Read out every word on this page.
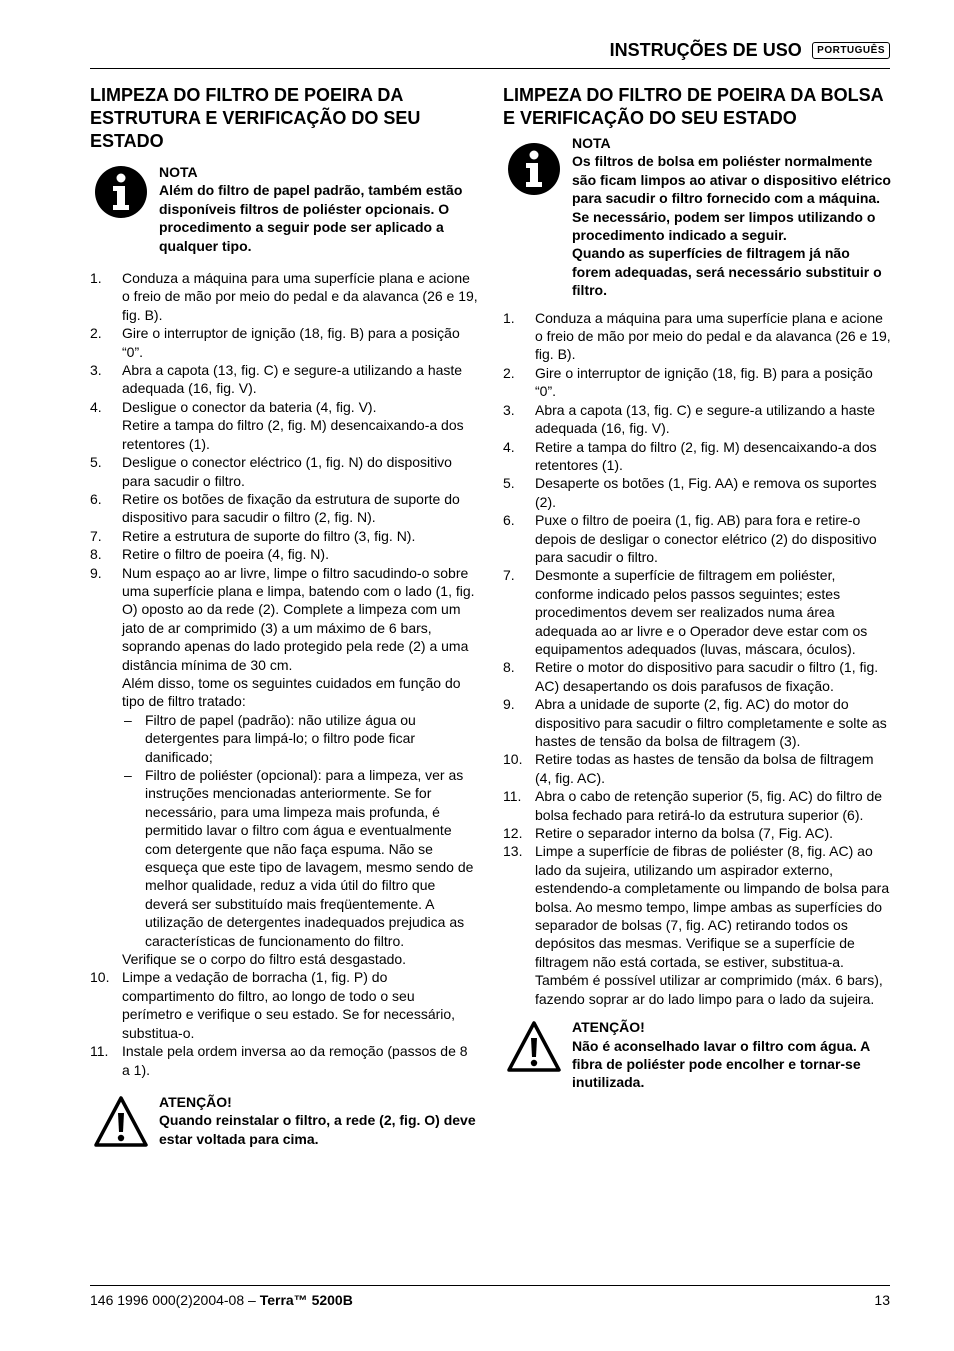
INSTRUÇÕES DE USO PORTUGUÊS
LIMPEZA DO FILTRO DE POEIRA DA ESTRUTURA E VERIFICAÇÃO DO SEU ESTADO
NOTA
Além do filtro de papel padrão, também estão disponíveis filtros de poliéster opcionais. O procedimento a seguir pode ser aplicado a qualquer tipo.
1. Conduza a máquina para uma superfície plana e acione o freio de mão por meio do pedal e da alavanca (26 e 19, fig. B).
2. Gire o interruptor de ignição (18, fig. B) para a posição “0”.
3. Abra a capota (13, fig. C) e segure-a utilizando a haste adequada (16, fig. V).
4. Desligue o conector da bateria (4, fig. V).
Retire a tampa do filtro (2, fig. M) desencaixando-a dos retentores (1).
5. Desligue o conector eléctrico (1, fig. N) do dispositivo para sacudir o filtro.
6. Retire os botões de fixação da estrutura de suporte do dispositivo para sacudir o filtro (2, fig. N).
7. Retire a estrutura de suporte do filtro (3, fig. N).
8. Retire o filtro de poeira (4, fig. N).
9. Num espaço ao ar livre, limpe o filtro sacudindo-o sobre uma superfície plana e limpa, batendo com o lado (1, fig. O) oposto ao da rede (2). Complete a limpeza com um jato de ar comprimido (3) a um máximo de 6 bars, soprando apenas do lado protegido pela rede (2) a uma distância mínima de 30 cm.
Além disso, tome os seguintes cuidados em função do tipo de filtro tratado:
– Filtro de papel (padrão): não utilize água ou detergentes para limpá-lo; o filtro pode ficar danificado;
– Filtro de poliéster (opcional): para a limpeza, ver as instruções mencionadas anteriormente. Se for necessário, para uma limpeza mais profunda, é permitido lavar o filtro com água e eventualmente com detergente que não faça espuma. Não se esqueça que este tipo de lavagem, mesmo sendo de melhor qualidade, reduz a vida útil do filtro que deverá ser substituído mais freqüentemente. A utilização de detergentes inadequados prejudica as características de funcionamento do filtro.
Verifique se o corpo do filtro está desgastado.
10. Limpe a vedação de borracha (1, fig. P) do compartimento do filtro, ao longo de todo o seu perímetro e verifique o seu estado. Se for necessário, substitua-o.
11. Instale pela ordem inversa ao da remoção (passos de 8 a 1).
ATENÇÃO!
Quando reinstalar o filtro, a rede (2, fig. O) deve estar voltada para cima.
LIMPEZA DO FILTRO DE POEIRA DA BOLSA E VERIFICAÇÃO DO SEU ESTADO
NOTA
Os filtros de bolsa em poliéster normalmente são ficam limpos ao ativar o dispositivo elétrico para sacudir o filtro fornecido com a máquina.
Se necessário, podem ser limpos utilizando o procedimento indicado a seguir.
Quando as superfícies de filtragem já não forem adequadas, será necessário substituir o filtro.
1. Conduza a máquina para uma superfície plana e acione o freio de mão por meio do pedal e da alavanca (26 e 19, fig. B).
2. Gire o interruptor de ignição (18, fig. B) para a posição “0”.
3. Abra a capota (13, fig. C) e segure-a utilizando a haste adequada (16, fig. V).
4. Retire a tampa do filtro (2, fig. M) desencaixando-a dos retentores (1).
5. Desaperte os botões (1, Fig. AA) e remova os suportes (2).
6. Puxe o filtro de poeira (1, fig. AB) para fora e retire-o depois de desligar o conector elétrico (2) do dispositivo para sacudir o filtro.
7. Desmonte a superfície de filtragem em poliéster, conforme indicado pelos passos seguintes; estes procedimentos devem ser realizados numa área adequada ao ar livre e o Operador deve estar com os equipamentos adequados (luvas, máscara, óculos).
8. Retire o motor do dispositivo para sacudir o filtro (1, fig. AC) desapertando os dois parafusos de fixação.
9. Abra a unidade de suporte (2, fig. AC) do motor do dispositivo para sacudir o filtro completamente e solte as hastes de tensão da bolsa de filtragem (3).
10. Retire todas as hastes de tensão da bolsa de filtragem (4, fig. AC).
11. Abra o cabo de retenção superior (5, fig. AC) do filtro de bolsa fechado para retirá-lo da estrutura superior (6).
12. Retire o separador interno da bolsa (7, Fig. AC).
13. Limpe a superfície de fibras de poliéster (8, fig. AC) ao lado da sujeira, utilizando um aspirador externo, estendendo-a completamente ou limpando de bolsa para bolsa. Ao mesmo tempo, limpe ambas as superfícies do separador de bolsas (7, fig. AC) retirando todos os depósitos das mesmas. Verifique se a superfície de filtragem não está cortada, se estiver, substitua-a. Também é possível utilizar ar comprimido (máx. 6 bars), fazendo soprar ar do lado limpo para o lado da sujeira.
ATENÇÃO!
Não é aconselhado lavar o filtro com água. A fibra de poliéster pode encolher e tornar-se inutilizada.
146 1996 000(2)2004-08 – Terra™ 5200B	13
